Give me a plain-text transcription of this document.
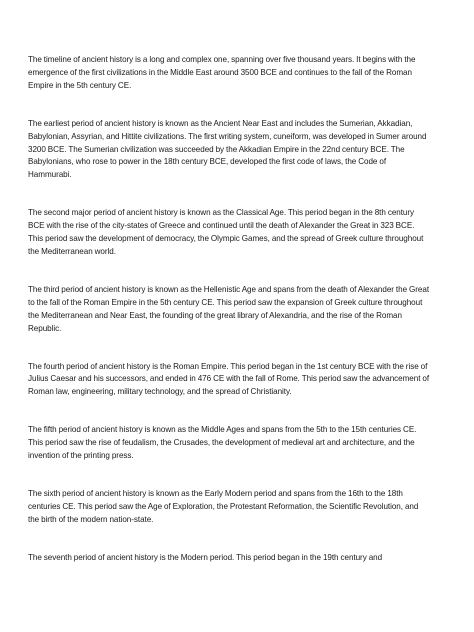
The timeline of ancient history is a long and complex one, spanning over five thousand years. It begins with the emergence of the first civilizations in the Middle East around 3500 BCE and continues to the fall of the Roman Empire in the 5th century CE.

The earliest period of ancient history is known as the Ancient Near East and includes the Sumerian, Akkadian, Babylonian, Assyrian, and Hittite civilizations. The first writing system, cuneiform, was developed in Sumer around 3200 BCE. The Sumerian civilization was succeeded by the Akkadian Empire in the 22nd century BCE. The Babylonians, who rose to power in the 18th century BCE, developed the first code of laws, the Code of Hammurabi.

The second major period of ancient history is known as the Classical Age. This period began in the 8th century BCE with the rise of the city-states of Greece and continued until the death of Alexander the Great in 323 BCE. This period saw the development of democracy, the Olympic Games, and the spread of Greek culture throughout the Mediterranean world.

The third period of ancient history is known as the Hellenistic Age and spans from the death of Alexander the Great to the fall of the Roman Empire in the 5th century CE. This period saw the expansion of Greek culture throughout the Mediterranean and Near East, the founding of the great library of Alexandria, and the rise of the Roman Republic.

The fourth period of ancient history is the Roman Empire. This period began in the 1st century BCE with the rise of Julius Caesar and his successors, and ended in 476 CE with the fall of Rome. This period saw the advancement of Roman law, engineering, military technology, and the spread of Christianity.

The fifth period of ancient history is known as the Middle Ages and spans from the 5th to the 15th centuries CE. This period saw the rise of feudalism, the Crusades, the development of medieval art and architecture, and the invention of the printing press.

The sixth period of ancient history is known as the Early Modern period and spans from the 16th to the 18th centuries CE. This period saw the Age of Exploration, the Protestant Reformation, the Scientific Revolution, and the birth of the modern nation-state.

The seventh period of ancient history is the Modern period. This period began in the 19th century and
